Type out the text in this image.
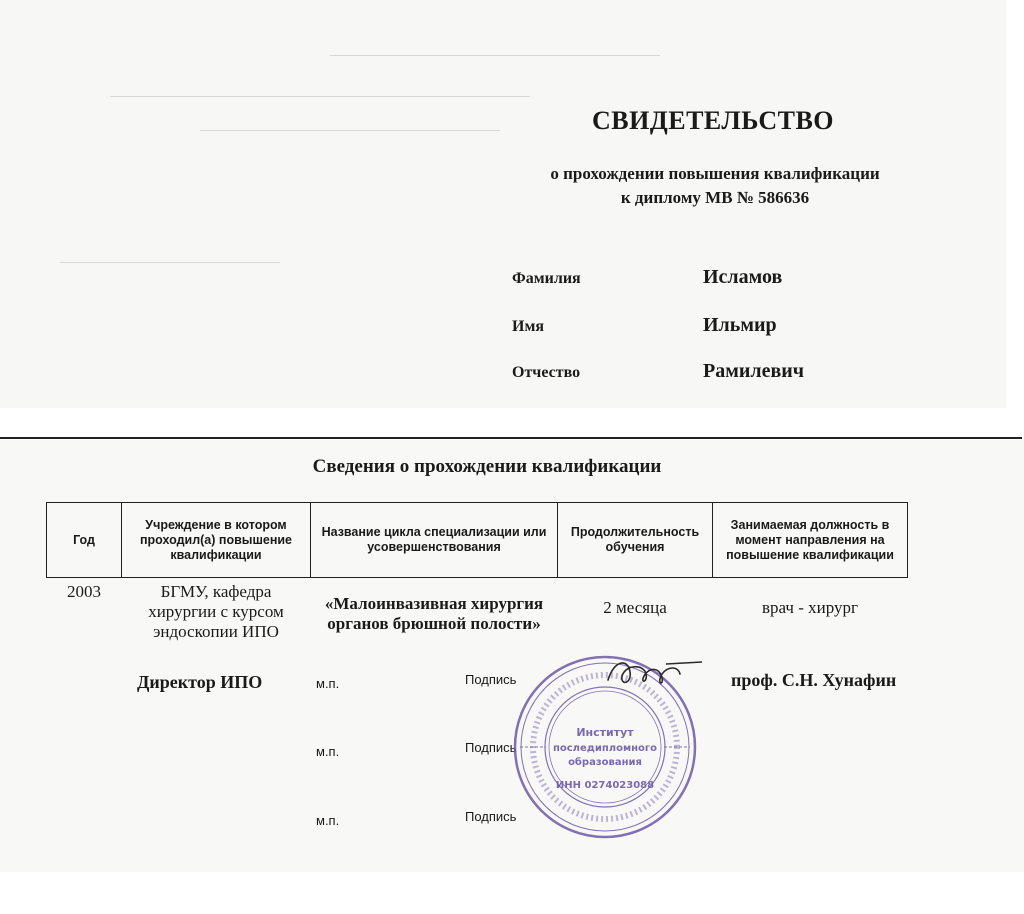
СВИДЕТЕЛЬСТВО
о прохождении повышения квалификации
к диплому МВ № 586636
Фамилия	Исламов
Имя	Ильмир
Отчество	Рамилевич
Сведения о прохождении квалификации
Год	Учреждение в котором проходил(а) повышение квалификации	Название цикла специализации или усовершенствования	Продолжительность обучения	Занимаемая должность в момент направления на повышение квалификации
2003	БГМУ, кафедра хирургии с курсом эндоскопии ИПО	«Малоинвазивная хирургия органов брюшной полости»	2 месяца	врач - хирург
Директор ИПО	м.п.	Подпись	проф. С.Н. Хунафин
м.п.	Подпись
м.п.	Подпись
Институт
последипломного
образования
ИНН 0274023088
